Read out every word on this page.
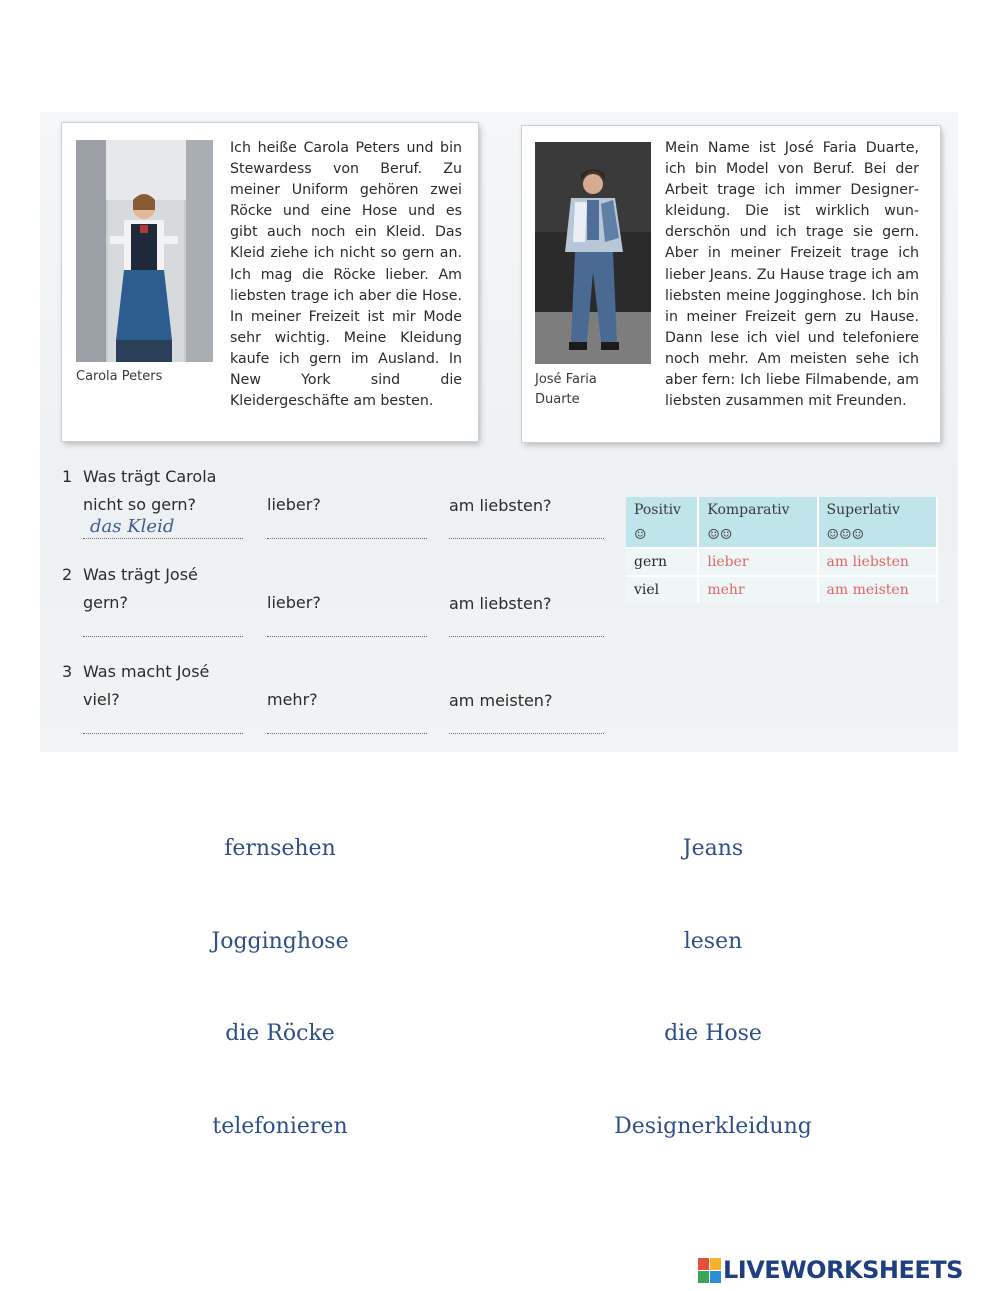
Carola Peters
Ich heiße Carola Peters und bin Stewardess von Beruf. Zu meiner Uniform gehören zwei Röcke und eine Hose und es gibt auch noch ein Kleid. Das Kleid ziehe ich nicht so gern an. Ich mag die Röcke lieber. Am liebsten trage ich aber die Hose. In meiner Freizeit ist mir Mode sehr wichtig. Meine Kleidung kaufe ich gern im Ausland. In New York sind die Kleidergeschäfte am besten.
José Faria
Duarte
Mein Name ist José Faria Duarte, ich bin Model von Beruf. Bei der Arbeit trage ich immer Designerkleidung. Die ist wirklich wunderschön und ich trage sie gern. Aber in meiner Freizeit trage ich lieber Jeans. Zu Hause trage ich am liebsten meine Jogginghose. Ich bin in meiner Freizeit gern zu Hause. Dann lese ich viel und telefoniere noch mehr. Am meisten sehe ich aber fern: Ich liebe Filmabende, am liebsten zusammen mit Freunden.
1 Was trägt Carola
nicht so gern?	lieber?	am liebsten?
das Kleid
2 Was trägt José
gern?	lieber?	am liebsten?
3 Was macht José
viel?	mehr?	am meisten?
Positiv	Komparativ	Superlativ
☺	☺☺	☺☺☺
gern	lieber	am liebsten
viel	mehr	am meisten
fernsehen
Jogginghose
die Röcke
telefonieren
Jeans
lesen
die Hose
Designerkleidung
LIVEWORKSHEETS
